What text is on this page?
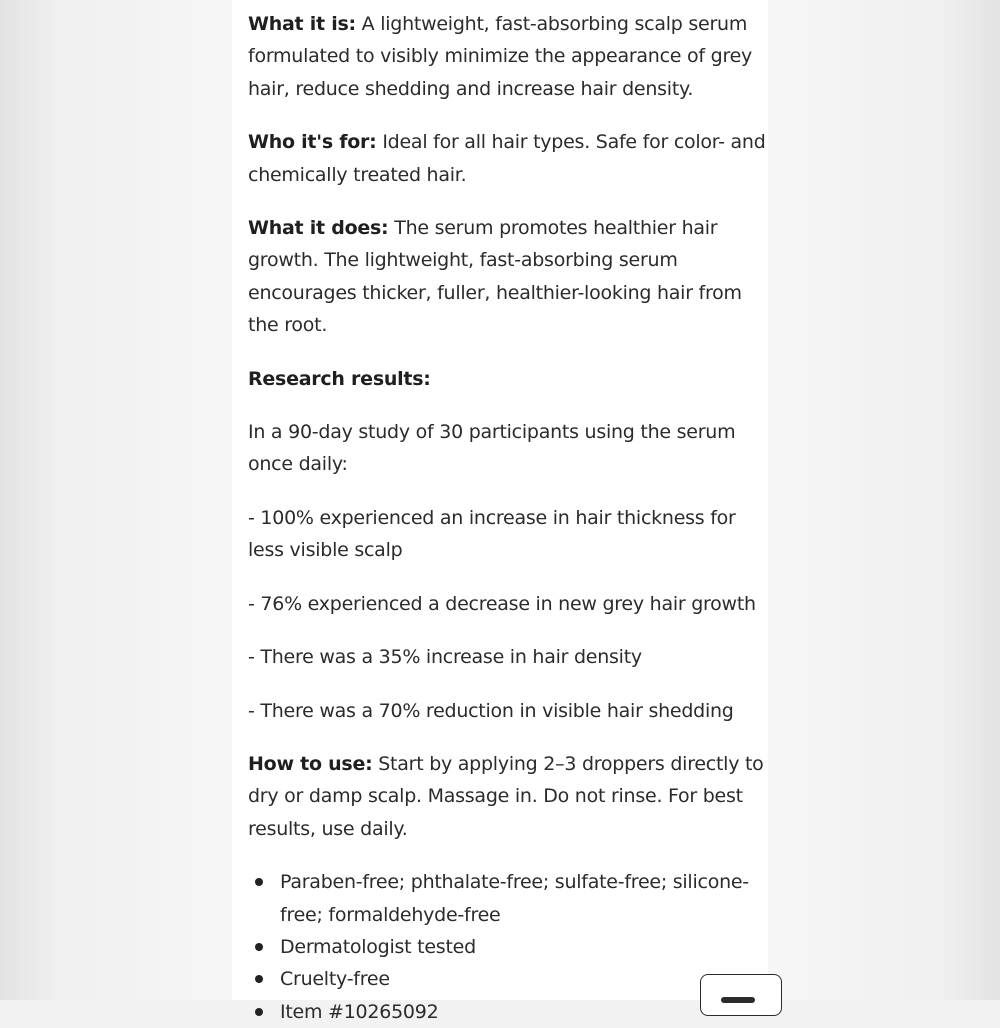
What it is: A lightweight, fast-absorbing scalp serum formulated to visibly minimize the appearance of grey hair, reduce shedding and increase hair density.

Who it's for: Ideal for all hair types. Safe for color- and chemically treated hair.

What it does: The serum promotes healthier hair growth. The lightweight, fast-absorbing serum encourages thicker, fuller, healthier-looking hair from the root.

Research results:

In a 90-day study of 30 participants using the serum once daily:

- 100% experienced an increase in hair thickness for less visible scalp

- 76% experienced a decrease in new grey hair growth

- There was a 35% increase in hair density

- There was a 70% reduction in visible hair shedding

How to use: Start by applying 2–3 droppers directly to dry or damp scalp. Massage in. Do not rinse. For best results, use daily.

Paraben-free; phthalate-free; sulfate-free; silicone-free; formaldehyde-free
Dermatologist tested
Cruelty-free
Item #10265092
